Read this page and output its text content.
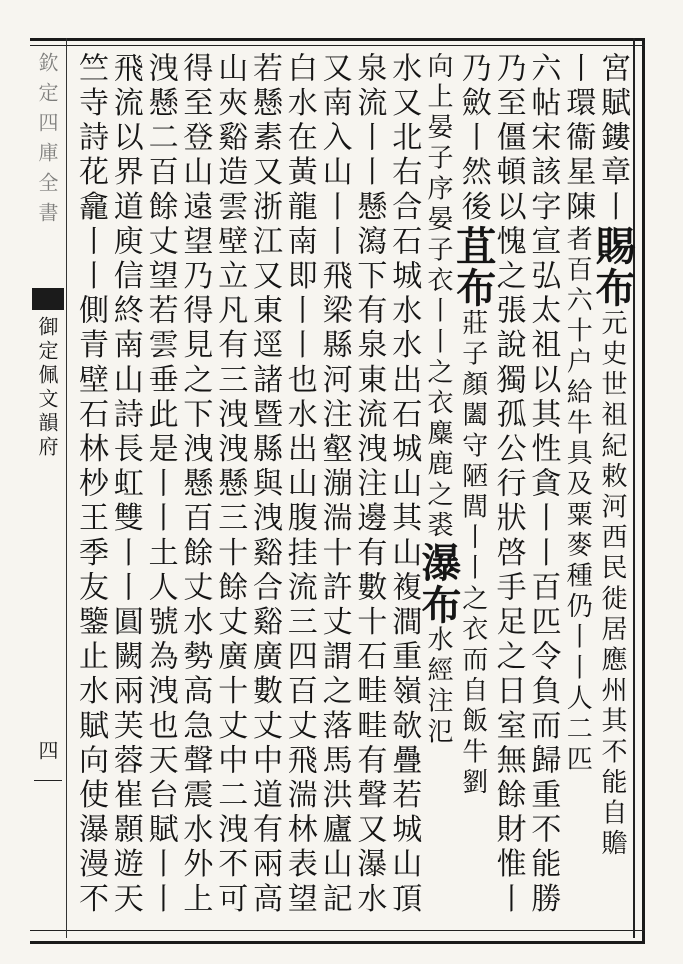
欽定四庫全書
御定佩文韻府
四
宮賦鏤章丨賜布元史世祖紀敕河西民徙居應州其不能自贍
丨環衞星陳者百六十户給牛具及粟麥種仍丨丨人二匹
六帖宋該字宣弘太祖以其性貪丨丨百匹令負而歸重不能勝
乃至僵頓以愧之張說獨孤公行狀啓手足之日室無餘財惟丨
乃斂丨然後苴布莊子顏闔守陋閭丨丨之衣而自飯牛劉
向上晏子序晏子衣丨丨之衣麋鹿之裘瀑布水經注氾
水又北右合石城水水出石城山其山複澗重嶺欹疊若城山頂
泉流丨丨懸瀉下有泉東流洩注邊有數十石畦畦有聲又瀑水
又南入山丨丨飛梁縣河注壑漰湍十許丈謂之落馬洪廬山記
白水在黃龍南即丨丨也水出山腹挂流三四百丈飛湍林表望
若懸素又浙江又東逕諸暨縣與洩谿合谿廣數丈中道有兩高
山夾谿造雲壁立凡有三洩洩懸三十餘丈廣十丈中二洩不可
得至登山遠望乃得見之下洩懸百餘丈水勢高急聲震水外上
洩懸二百餘丈望若雲垂此是丨丨土人號為洩也天台賦丨丨
飛流以界道庾信終南山詩長虹雙丨丨圓闕兩芙蓉崔顥遊天
竺寺詩花龕丨丨側青壁石林杪王季友鑒止水賦向使瀑漫不
